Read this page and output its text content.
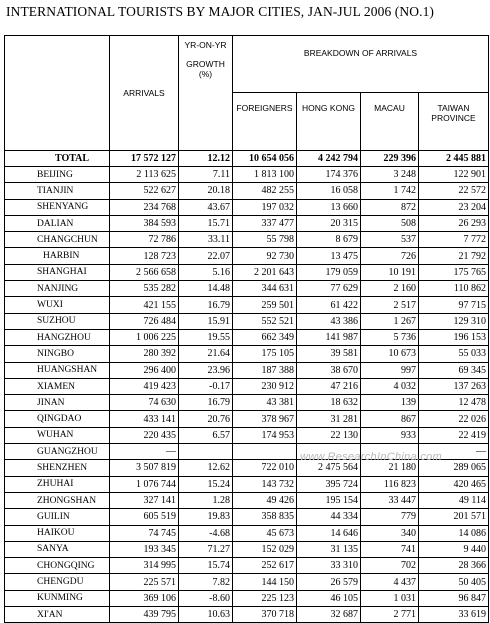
INTERNATIONAL TOURISTS BY MAJOR CITIES, JAN-JUL 2006 (NO.1)
	ARRIVALS	YR-ON-YR
GROWTH
(%)	BREAKDOWN OF ARRIVALS			
			FOREIGNERS	HONG KONG	MACAU	TAIWAN
PROVINCE

TOTAL	17 572 127	12.12	10 654 056	4 242 794	229 396	2 445 881
BEIJING	2 113 625	7.11	1 813 100	174 376	3 248	122 901
TIANJIN	522 627	20.18	482 255	16 058	1 742	22 572
SHENYANG	234 768	43.67	197 032	13 660	872	23 204
DALIAN	384 593	15.71	337 477	20 315	508	26 293
CHANGCHUN	72 786	33.11	55 798	8 679	537	7 772
HARBIN	128 723	22.07	92 730	13 475	726	21 792
SHANGHAI	2 566 658	5.16	2 201 643	179 059	10 191	175 765
NANJING	535 282	14.48	344 631	77 629	2 160	110 862
WUXI	421 155	16.79	259 501	61 422	2 517	97 715
SUZHOU	726 484	15.91	552 521	43 386	1 267	129 310
HANGZHOU	1 006 225	19.55	662 349	141 987	5 736	196 153
NINGBO	280 392	21.64	175 105	39 581	10 673	55 033
HUANGSHAN	296 400	23.96	187 388	38 670	997	69 345
XIAMEN	419 423	-0.17	230 912	47 216	4 032	137 263
JINAN	74 630	16.79	43 381	18 632	139	12 478
QINGDAO	433 141	20.76	378 967	31 281	867	22 026
WUHAN	220 435	6.57	174 953	22 130	933	22 419
GUANGZHOU	—					—
SHENZHEN	3 507 819	12.62	722 010	2 475 564	21 180	289 065
ZHUHAI	1 076 744	15.24	143 732	395 724	116 823	420 465
ZHONGSHAN	327 141	1.28	49 426	195 154	33 447	49 114
GUILIN	605 519	19.83	358 835	44 334	779	201 571
HAIKOU	74 745	-4.68	45 673	14 646	340	14 086
SANYA	193 345	71.27	152 029	31 135	741	9 440
CHONGQING	314 995	15.74	252 617	33 310	702	28 366
CHENGDU	225 571	7.82	144 150	26 579	4 437	50 405
KUNMING	369 106	-8.60	225 123	46 105	1 031	96 847
XI'AN	439 795	10.63	370 718	32 687	2 771	33 619
www.ResearchInChina.com
